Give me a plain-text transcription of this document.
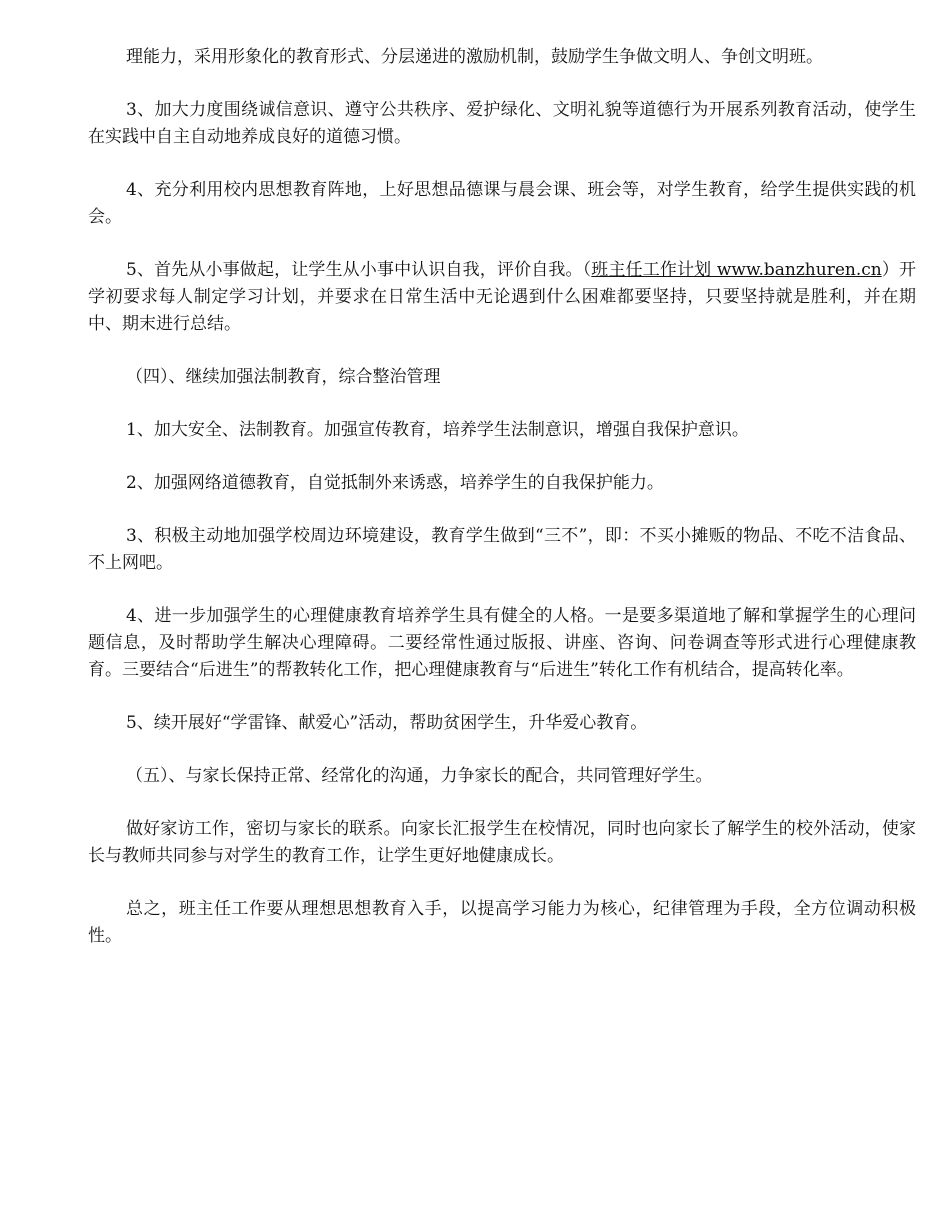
理能力，采用形象化的教育形式、分层递进的激励机制，鼓励学生争做文明人、争创文明班。

3、加大力度围绕诚信意识、遵守公共秩序、爱护绿化、文明礼貌等道德行为开展系列教育活动，使学生在实践中自主自动地养成良好的道德习惯。

4、充分利用校内思想教育阵地，上好思想品德课与晨会课、班会等，对学生教育，给学生提供实践的机会。

5、首先从小事做起，让学生从小事中认识自我，评价自我。（班主任工作计划 www.banzhuren.cn）开学初要求每人制定学习计划，并要求在日常生活中无论遇到什么困难都要坚持，只要坚持就是胜利，并在期中、期末进行总结。

（四）、继续加强法制教育，综合整治管理

1、加大安全、法制教育。加强宣传教育，培养学生法制意识，增强自我保护意识。

2、加强网络道德教育，自觉抵制外来诱惑，培养学生的自我保护能力。

3、积极主动地加强学校周边环境建设，教育学生做到“三不”，即：不买小摊贩的物品、不吃不洁食品、不上网吧。

4、进一步加强学生的心理健康教育培养学生具有健全的人格。一是要多渠道地了解和掌握学生的心理问题信息，及时帮助学生解决心理障碍。二要经常性通过版报、讲座、咨询、问卷调查等形式进行心理健康教育。三要结合“后进生”的帮教转化工作，把心理健康教育与“后进生”转化工作有机结合，提高转化率。

5、续开展好“学雷锋、献爱心”活动，帮助贫困学生，升华爱心教育。

（五）、与家长保持正常、经常化的沟通，力争家长的配合，共同管理好学生。

做好家访工作，密切与家长的联系。向家长汇报学生在校情况，同时也向家长了解学生的校外活动，使家长与教师共同参与对学生的教育工作，让学生更好地健康成长。

总之，班主任工作要从理想思想教育入手，以提高学习能力为核心，纪律管理为手段，全方位调动积极性。
